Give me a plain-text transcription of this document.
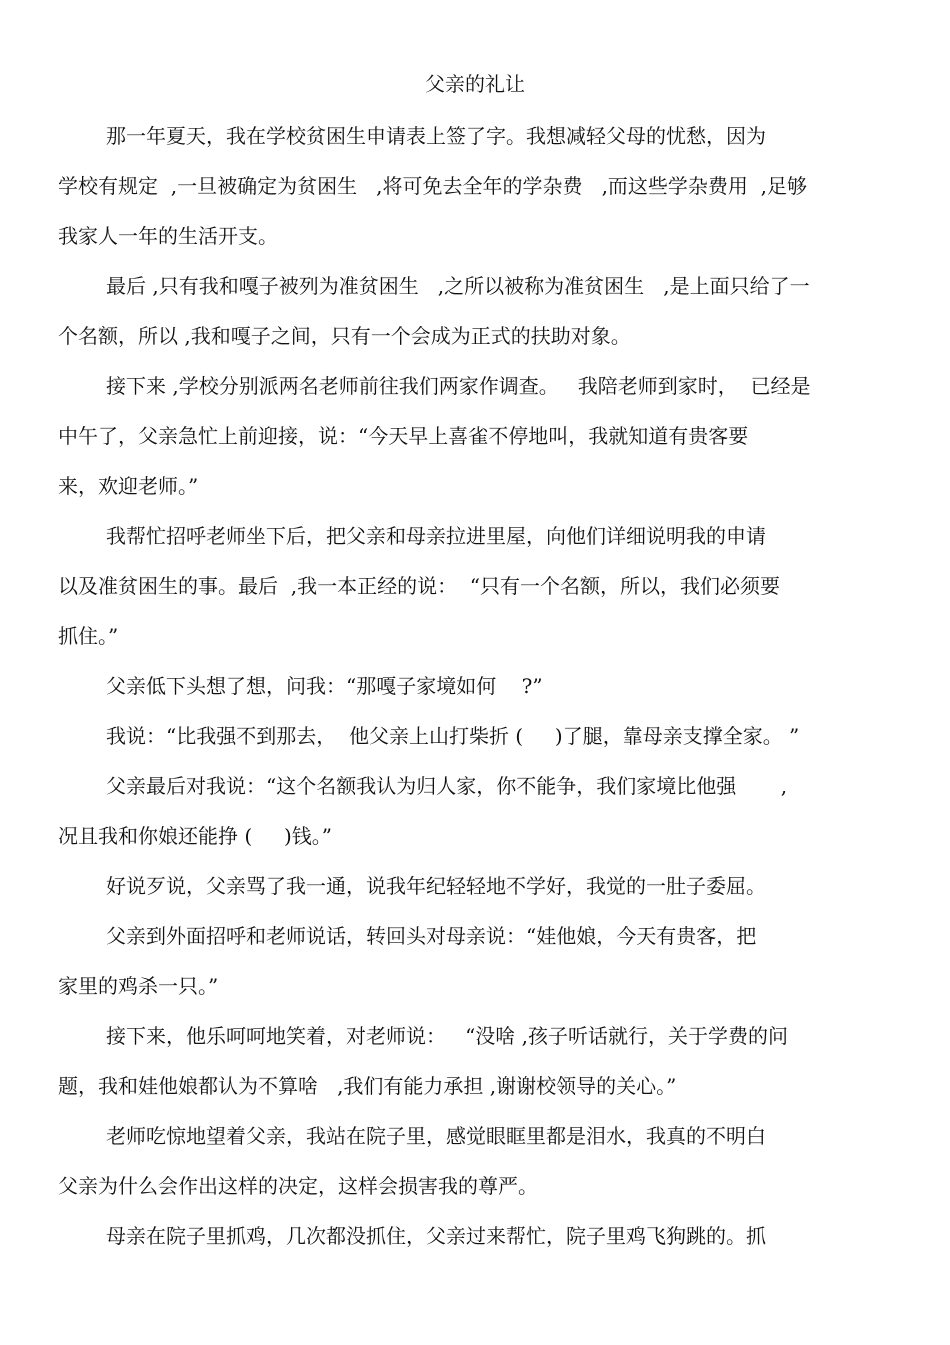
父亲的礼让
那一年夏天，我在学校贫困生申请表上签了字。我想减轻父母的忧愁，因为
学校有规定  ,一旦被确定为贫困生   ,将可免去全年的学杂费   ,而这些学杂费用  ,足够
我家人一年的生活开支。
最后 ,只有我和嘎子被列为准贫困生   ,之所以被称为准贫困生   ,是上面只给了一
个名额，所以 ,我和嘎子之间，只有一个会成为正式的扶助对象。
接下来 ,学校分别派两名老师前往我们两家作调查。   我陪老师到家时，  已经是
中午了，父亲急忙上前迎接，说：“今天早上喜雀不停地叫，我就知道有贵客要
来，欢迎老师。”
我帮忙招呼老师坐下后，把父亲和母亲拉进里屋，向他们详细说明我的申请
以及准贫困生的事。最后  ,我一本正经的说：  “只有一个名额，所以，我们必须要
抓住。”
父亲低下头想了想，问我：“那嘎子家境如何    ?”
我说：“比我强不到那去，  他父亲上山打柴折 (     )了腿，靠母亲支撑全家。 ”
父亲最后对我说：“这个名额我认为归人家，你不能争，我们家境比他强       ,
况且我和你娘还能挣 (     )钱。”
好说歹说，父亲骂了我一通，说我年纪轻轻地不学好，我觉的一肚子委屈。
父亲到外面招呼和老师说话，转回头对母亲说：“娃他娘，今天有贵客，把
家里的鸡杀一只。”
接下来，他乐呵呵地笑着，对老师说：   “没啥 ,孩子听话就行，关于学费的问
题，我和娃他娘都认为不算啥   ,我们有能力承担 ,谢谢校领导的关心。”
老师吃惊地望着父亲，我站在院子里，感觉眼眶里都是泪水，我真的不明白
父亲为什么会作出这样的决定，这样会损害我的尊严。
母亲在院子里抓鸡，几次都没抓住，父亲过来帮忙，院子里鸡飞狗跳的。抓
